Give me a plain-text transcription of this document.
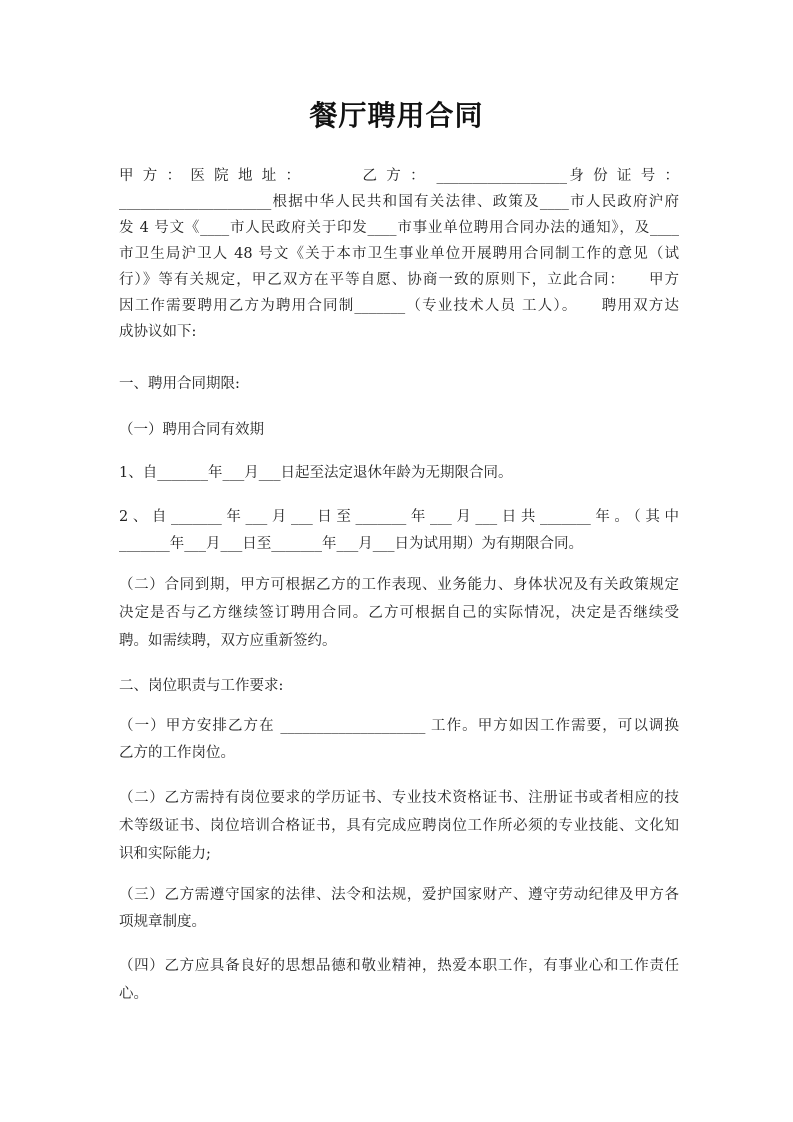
餐厅聘用合同
甲 方 ： 医 院 地 址 ：　　　　乙 方 ：　__________________身 份 证 号 ：
_____________________根据中华人民共和国有关法律、政策及____市人民政府沪府
发 4 号文《____市人民政府关于印发____市事业单位聘用合同办法的通知》，及____
市卫生局沪卫人 48 号文《关于本市卫生事业单位开展聘用合同制工作的意见（试
行）》等有关规定，甲乙双方在平等自愿、协商一致的原则下，立此合同：　　甲方
因工作需要聘用乙方为聘用合同制_______（专业技术人员 工人）。　　聘用双方达
成协议如下:
一、聘用合同期限:
（一）聘用合同有效期
1、自_______年___月___日起至法定退休年龄为无期限合同。
2、自_______年___月___日至_______年___月___日共_______年。（其中
_______年___月___日至_______年___月___日为试用期）为有期限合同。
（二）合同到期，甲方可根据乙方的工作表现、业务能力、身体状况及有关政策规定
决定是否与乙方继续签订聘用合同。乙方可根据自己的实际情况，决定是否继续受
聘。如需续聘，双方应重新签约。
二、岗位职责与工作要求:
（一）甲方安排乙方在 ____________________ 工作。甲方如因工作需要，可以调换
乙方的工作岗位。
（二）乙方需持有岗位要求的学历证书、专业技术资格证书、注册证书或者相应的技
术等级证书、岗位培训合格证书，具有完成应聘岗位工作所必须的专业技能、文化知
识和实际能力;
（三）乙方需遵守国家的法律、法令和法规，爱护国家财产、遵守劳动纪律及甲方各
项规章制度。
（四）乙方应具备良好的思想品德和敬业精神，热爱本职工作，有事业心和工作责任
心。
